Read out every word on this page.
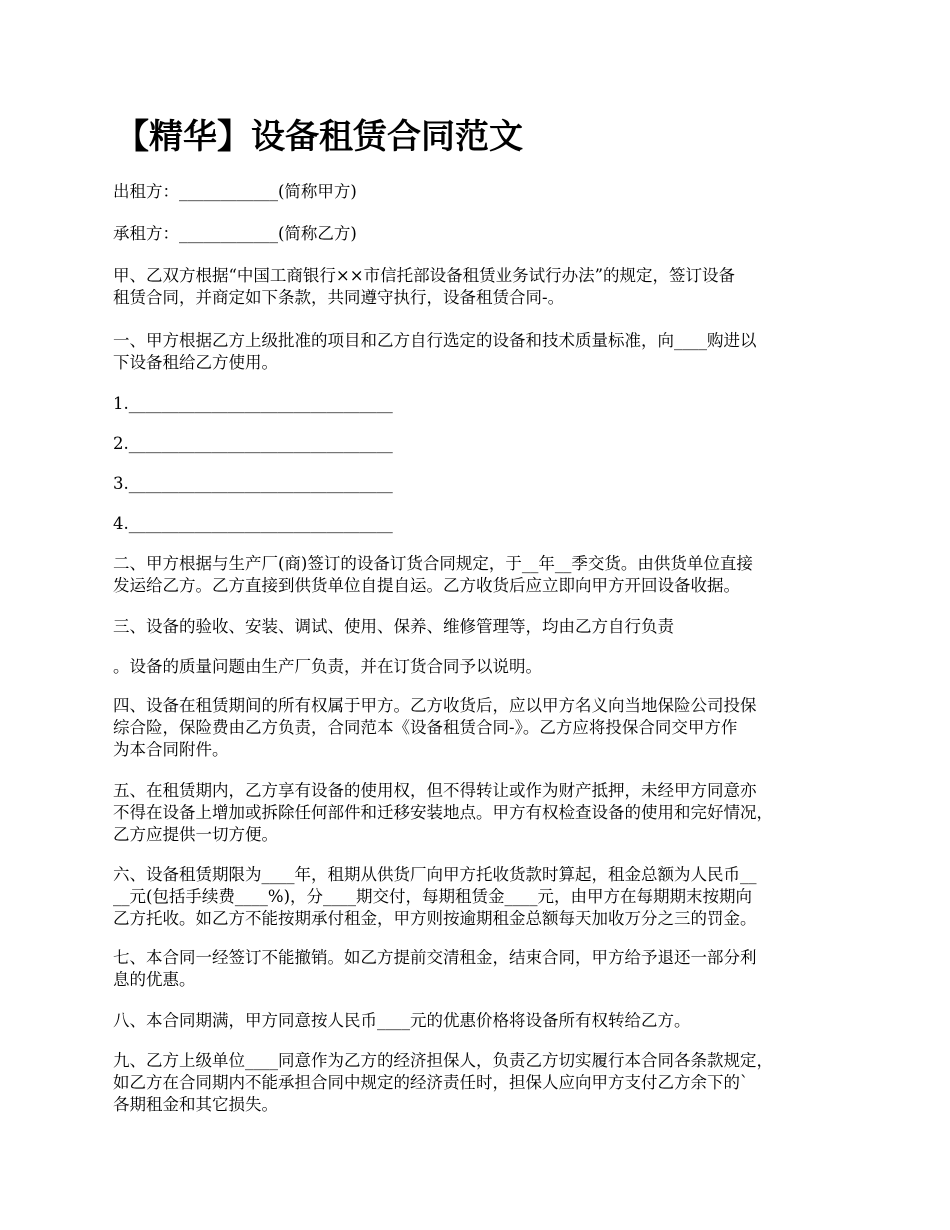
【精华】设备租赁合同范文

出租方：____________(简称甲方)

承租方：____________(简称乙方)

甲、乙双方根据“中国工商银行××市信托部设备租赁业务试行办法”的规定，签订设备
租赁合同，并商定如下条款，共同遵守执行，设备租赁合同-。

一、甲方根据乙方上级批准的项目和乙方自行选定的设备和技术质量标准，向____购进以
下设备租给乙方使用。

1.________________________________

2.________________________________

3.________________________________

4.________________________________

二、甲方根据与生产厂(商)签订的设备订货合同规定，于__年__季交货。由供货单位直接
发运给乙方。乙方直接到供货单位自提自运。乙方收货后应立即向甲方开回设备收据。

三、设备的验收、安装、调试、使用、保养、维修管理等，均由乙方自行负责

。设备的质量问题由生产厂负责，并在订货合同予以说明。

四、设备在租赁期间的所有权属于甲方。乙方收货后，应以甲方名义向当地保险公司投保
综合险，保险费由乙方负责，合同范本《设备租赁合同-》。乙方应将投保合同交甲方作
为本合同附件。

五、在租赁期内，乙方享有设备的使用权，但不得转让或作为财产抵押，未经甲方同意亦
不得在设备上增加或拆除任何部件和迁移安装地点。甲方有权检查设备的使用和完好情况，
乙方应提供一切方便。

六、设备租赁期限为____年，租期从供货厂向甲方托收货款时算起，租金总额为人民币__
__元(包括手续费____%)，分____期交付，每期租赁金____元，由甲方在每期期末按期向
乙方托收。如乙方不能按期承付租金，甲方则按逾期租金总额每天加收万分之三的罚金。

七、本合同一经签订不能撤销。如乙方提前交清租金，结束合同，甲方给予退还一部分利
息的优惠。

八、本合同期满，甲方同意按人民币____元的优惠价格将设备所有权转给乙方。

九、乙方上级单位____同意作为乙方的经济担保人，负责乙方切实履行本合同各条款规定，
如乙方在合同期内不能承担合同中规定的经济责任时，担保人应向甲方支付乙方余下的`
各期租金和其它损失。
